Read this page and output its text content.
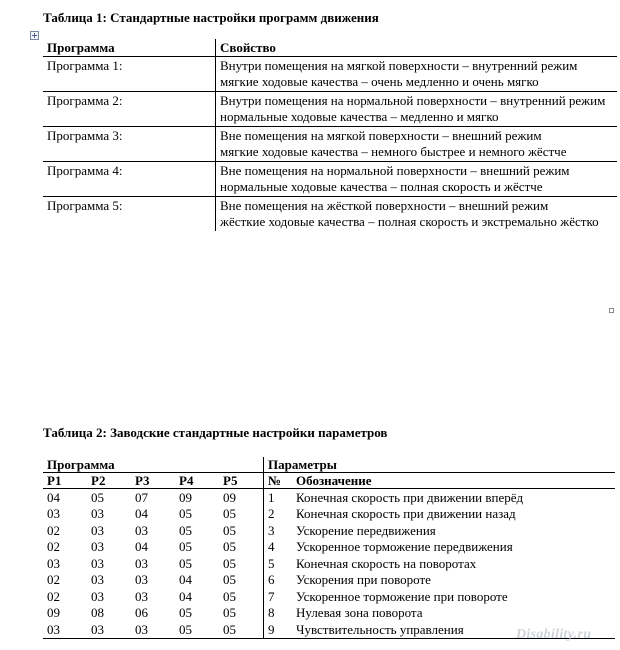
Таблица 1: Стандартные настройки программ движения
Программа	Свойство
Программа 1:	Внутри помещения на мягкой поверхности – внутренний режим
мягкие ходовые качества – очень медленно и очень мягко

Программа 2:	Внутри помещения на нормальной поверхности – внутренний режим
нормальные ходовые качества – медленно и мягко

Программа 3:	Вне помещения на мягкой поверхности – внешний режим
мягкие ходовые качества – немного быстрее и немного жёстче

Программа 4:	Вне помещения на нормальной поверхности – внешний режим
нормальные ходовые качества – полная скорость и жёстче

Программа 5:	Вне помещения на жёсткой поверхности – внешний режим
жёсткие ходовые качества – полная скорость и экстремально жёстко
Таблица 2: Заводские стандартные настройки параметров
Программа					Параметры	
P1	P2	P3	P4	P5	№	Обозначение
04	05	07	09	09	1	Конечная скорость при движении вперёд
03	03	04	05	05	2	Конечная скорость при движении назад
02	03	03	05	05	3	Ускорение передвижения
02	03	04	05	05	4	Ускоренное торможение передвижения
03	03	03	05	05	5	Конечная скорость на поворотах
02	03	03	04	05	6	Ускорения при повороте
02	03	03	04	05	7	Ускоренное торможение при повороте
09	08	06	05	05	8	Нулевая зона поворота
03	03	03	05	05	9	Чувствительность управления	Disability.ru
